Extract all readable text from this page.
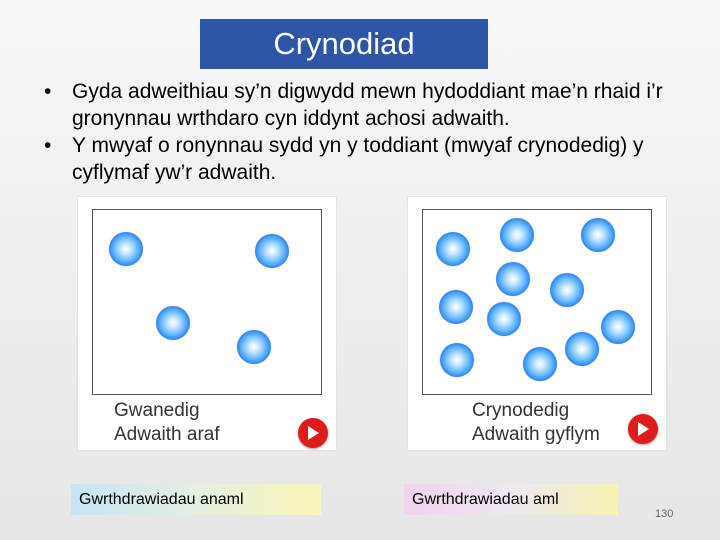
Crynodiad
• Gyda adweithiau sy’n digwydd mewn hydoddiant mae’n rhaid i’r gronynnau wrthdaro cyn iddynt achosi adwaith.
• Y mwyaf o ronynnau sydd yn y toddiant (mwyaf crynodedig) y cyflymaf yw’r adwaith.
Gwanedig
Adwaith araf
Crynodedig
Adwaith gyflym
Gwrthdrawiadau anaml	Gwrthdrawiadau aml
130
